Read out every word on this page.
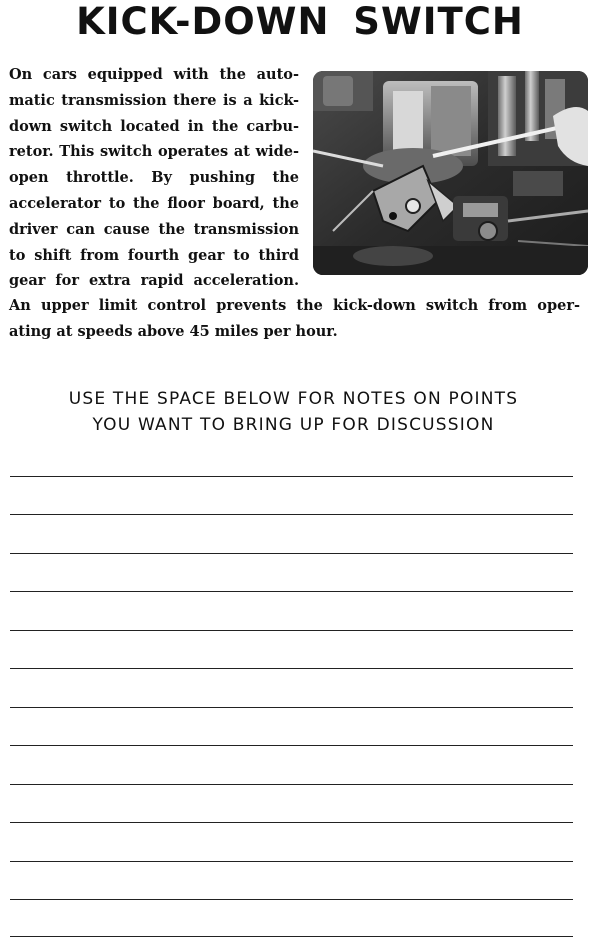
KICK-DOWN SWITCH
On cars equipped with the auto-
matic transmission there is a kick-
down switch located in the carbu-
retor. This switch operates at wide-
open throttle. By pushing the
accelerator to the floor board, the
driver can cause the transmission
to shift from fourth gear to third
gear for extra rapid acceleration.
An upper limit control prevents the kick-down switch from oper-
ating at speeds above 45 miles per hour.
USE THE SPACE BELOW FOR NOTES ON POINTS
YOU WANT TO BRING UP FOR DISCUSSION
